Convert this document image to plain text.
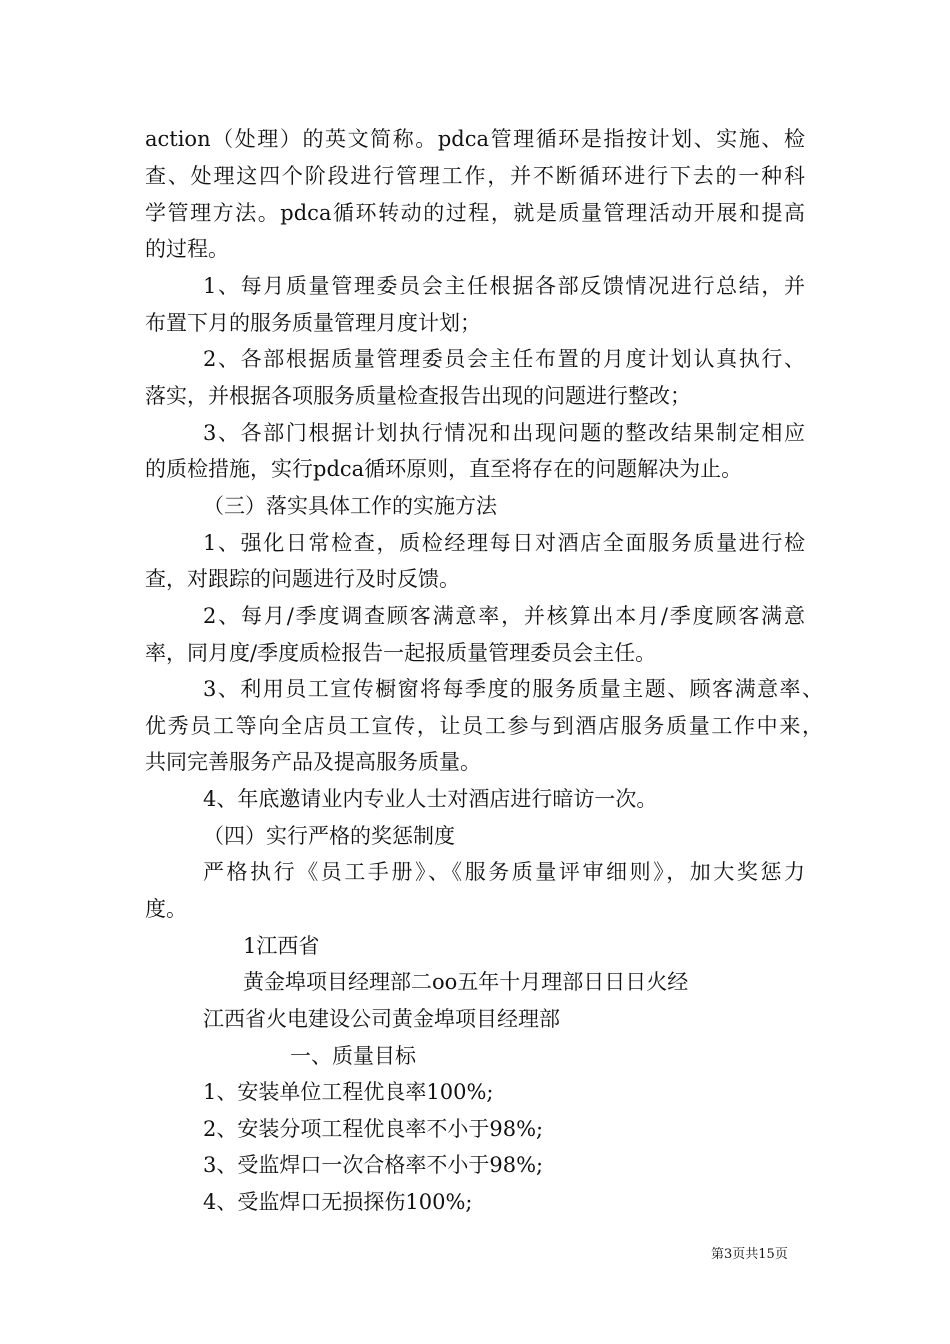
action（处理）的英文简称。pdca管理循环是指按计划、实施、检
查、处理这四个阶段进行管理工作，并不断循环进行下去的一种科
学管理方法。pdca循环转动的过程，就是质量管理活动开展和提高
的过程。
1、每月质量管理委员会主任根据各部反馈情况进行总结，并
布置下月的服务质量管理月度计划；
2、各部根据质量管理委员会主任布置的月度计划认真执行、
落实，并根据各项服务质量检查报告出现的问题进行整改；
3、各部门根据计划执行情况和出现问题的整改结果制定相应
的质检措施，实行pdca循环原则，直至将存在的问题解决为止。
（三）落实具体工作的实施方法
1、强化日常检查，质检经理每日对酒店全面服务质量进行检
查，对跟踪的问题进行及时反馈。
2、每月/季度调查顾客满意率，并核算出本月/季度顾客满意
率，同月度/季度质检报告一起报质量管理委员会主任。
3、利用员工宣传橱窗将每季度的服务质量主题、顾客满意率、
优秀员工等向全店员工宣传，让员工参与到酒店服务质量工作中来，
共同完善服务产品及提高服务质量。
4、年底邀请业内专业人士对酒店进行暗访一次。
（四）实行严格的奖惩制度
严格执行《员工手册》、《服务质量评审细则》，加大奖惩力
度。
1江西省
黄金埠项目经理部二oo五年十月理部日日日火经
江西省火电建设公司黄金埠项目经理部
一、质量目标
1、安装单位工程优良率100%;
2、安装分项工程优良率不小于98%;
3、受监焊口一次合格率不小于98%;
4、受监焊口无损探伤100%;
第3页共15页
